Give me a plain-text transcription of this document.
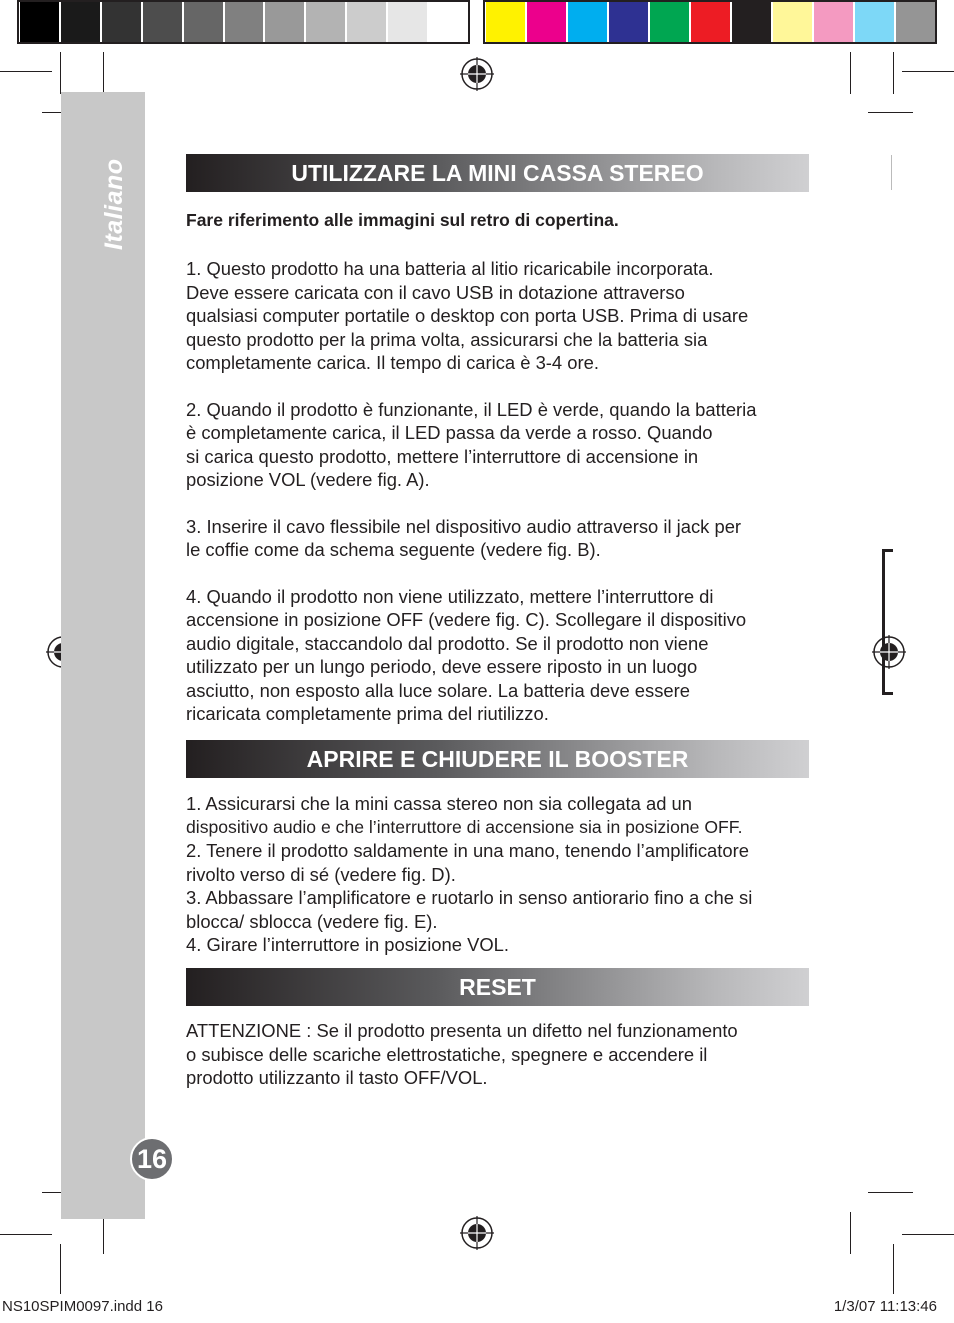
Italiano
16
UTILIZZARE LA MINI CASSA STEREO

Fare riferimento alle immagini sul retro di copertina.

1. Questo prodotto ha una batteria al litio ricaricabile incorporata.

Deve essere caricata con il cavo USB in dotazione attraverso

qualsiasi computer portatile o desktop con porta USB. Prima di usare

questo prodotto per la prima volta, assicurarsi che la batteria sia

completamente carica. Il tempo di carica è 3-4 ore.

2. Quando il prodotto è funzionante, il LED è verde, quando la batteria

è completamente carica, il LED passa da verde a rosso. Quando

si carica questo prodotto, mettere l’interruttore di accensione in

posizione VOL (vedere fig. A).

3. Inserire il cavo flessibile nel dispositivo audio attraverso il jack per

le coffie come da schema seguente (vedere fig. B).

4. Quando il prodotto non viene utilizzato, mettere l’interruttore di

accensione in posizione OFF (vedere fig. C). Scollegare il dispositivo

audio digitale, staccandolo dal prodotto. Se il prodotto non viene

utilizzato per un lungo periodo, deve essere riposto in un luogo

asciutto, non esposto alla luce solare. La batteria deve essere

ricaricata completamente prima del riutilizzo.

APRIRE E CHIUDERE IL BOOSTER

1. Assicurarsi che la mini cassa stereo non sia collegata ad un

dispositivo audio e che l’interruttore di accensione sia in posizione OFF.

2. Tenere il prodotto saldamente in una mano, tenendo l’amplificatore

rivolto verso di sé (vedere fig. D).

3. Abbassare l’amplificatore e ruotarlo in senso antiorario fino a che si

blocca/ sblocca (vedere fig. E).

4. Girare l’interruttore in posizione VOL.

RESET

ATTENZIONE : Se il prodotto presenta un difetto nel funzionamento

o subisce delle scariche elettrostatiche, spegnere e accendere il

prodotto utilizzanto il tasto OFF/VOL.

NS10SPIM0097.indd 16	1/3/07 11:13:46
